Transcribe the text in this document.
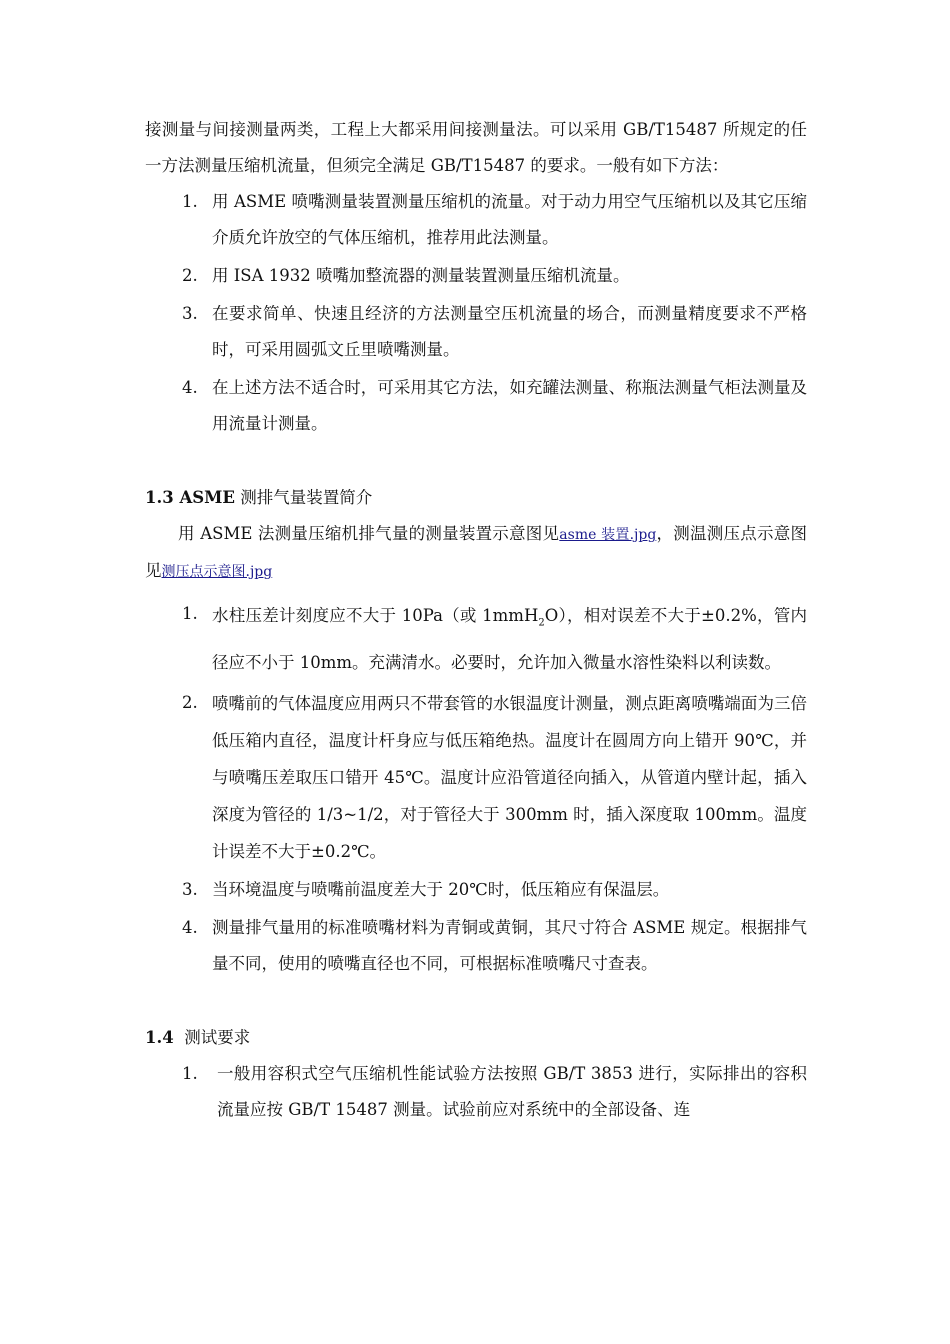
接测量与间接测量两类，工程上大都采用间接测量法。可以采用 GB/T15487 所规定的任一方法测量压缩机流量，但须完全满足 GB/T15487 的要求。一般有如下方法：

1. 用 ASME 喷嘴测量装置测量压缩机的流量。对于动力用空气压缩机以及其它压缩介质允许放空的气体压缩机，推荐用此法测量。
2. 用 ISA 1932 喷嘴加整流器的测量装置测量压缩机流量。
3. 在要求简单、快速且经济的方法测量空压机流量的场合，而测量精度要求不严格时，可采用圆弧文丘里喷嘴测量。
4. 在上述方法不适合时，可采用其它方法，如充罐法测量、称瓶法测量气柜法测量及用流量计测量。

1.3 ASME 测排气量装置简介

用 ASME 法测量压缩机排气量的测量装置示意图见asme 装置.jpg，测温测压点示意图见测压点示意图.jpg

1. 水柱压差计刻度应不大于 10Pa（或 1mmH$_2$O），相对误差不大于±0.2%，管内径应不小于 10mm。充满清水。必要时，允许加入微量水溶性染料以利读数。
2. 喷嘴前的气体温度应用两只不带套管的水银温度计测量，测点距离喷嘴端面为三倍低压箱内直径，温度计杆身应与低压箱绝热。温度计在圆周方向上错开 90℃，并与喷嘴压差取压口错开 45℃。温度计应沿管道径向插入，从管道内壁计起，插入深度为管径的 1/3~1/2，对于管径大于 300mm 时，插入深度取 100mm。温度计误差不大于±0.2℃。
3. 当环境温度与喷嘴前温度差大于 20℃时，低压箱应有保温层。
4. 测量排气量用的标准喷嘴材料为青铜或黄铜，其尺寸符合 ASME 规定。根据排气量不同，使用的喷嘴直径也不同，可根据标准喷嘴尺寸查表。

1.4  测试要求

1.	一般用容积式空气压缩机性能试验方法按照 GB/T 3853 进行，实际排出的容积流量应按 GB/T 15487 测量。试验前应对系统中的全部设备、连
